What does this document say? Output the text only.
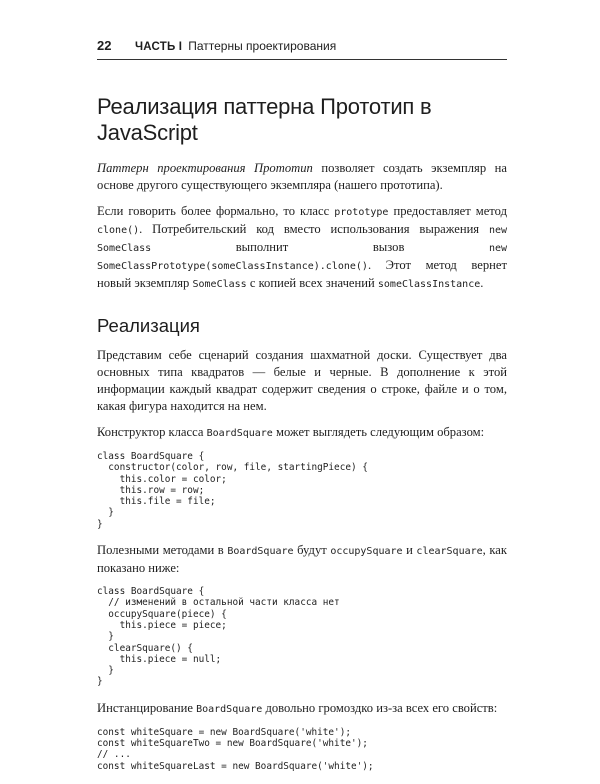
22	ЧАСТЬ I Паттерны проектирования
Реализация паттерна Прототип в JavaScript

Паттерн проектирования Прототип позволяет создать экземпляр на основе другого существующего экземпляра (нашего прототипа).

Если говорить более формально, то класс prototype предоставляет метод clone(). Потребительский код вместо использования выражения new SomeClass выполнит вызов new SomeClassPrototype(someClassInstance).clone(). Этот метод вернет новый экземпляр SomeClass с копией всех значений someClassInstance.

Реализация

Представим себе сценарий создания шахматной доски. Существует два основных типа квадратов — белые и черные. В дополнение к этой информации каждый квадрат содержит сведения о строке, файле и о том, какая фигура находится на нем.

Конструктор класса BoardSquare может выглядеть следующим образом:

class BoardSquare {
constructor(color, row, file, startingPiece) {
this.color = color;
this.row = row;
this.file = file;
}
}

Полезными методами в BoardSquare будут occupySquare и clearSquare, как показано ниже:

class BoardSquare {
// изменений в остальной части класса нет
occupySquare(piece) {
this.piece = piece;
}
clearSquare() {
this.piece = null;
}
}

Инстанцирование BoardSquare довольно громоздко из-за всех его свойств:

const whiteSquare = new BoardSquare('white');
const whiteSquareTwo = new BoardSquare('white');
// ...
const whiteSquareLast = new BoardSquare('white');
